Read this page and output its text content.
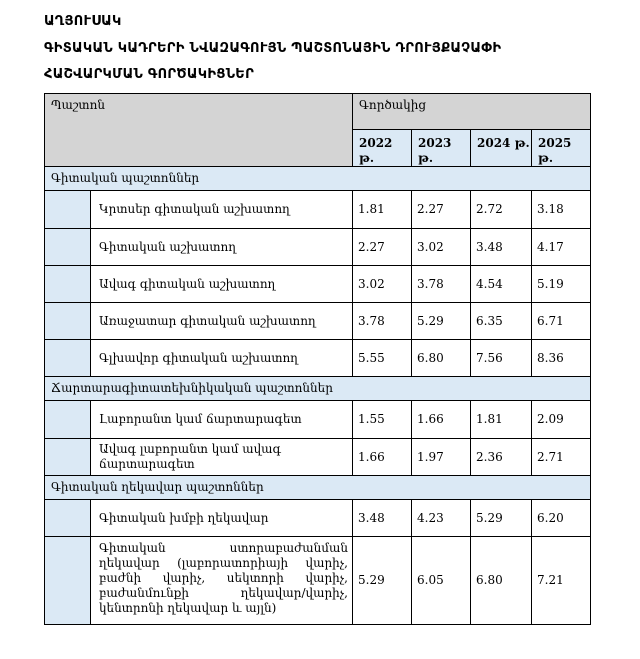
ԱՂՅՈՒՍԱԿ
ԳԻՏԱԿԱՆ ԿԱԴՐԵՐԻ ՆՎԱԶԱԳՈՒՅՆ ՊԱՇՏՈՆԱՅԻՆ ԴՐՈՒՅՔԱՉԱՓԻ
ՀԱՇՎԱՐԿՄԱՆ ԳՈՐԾԱԿԻՑՆԵՐ
Պաշտոն		Գործակից			
		2022 թ.	2023 թ.	2024 թ.	2025 թ.
Գիտական պաշտոններ					
	Կրտսեր գիտական աշխատող	1.81	2.27	2.72	3.18
	Գիտական աշխատող	2.27	3.02	3.48	4.17
	Ավագ գիտական աշխատող	3.02	3.78	4.54	5.19
	Առաջատար գիտական աշխատող	3.78	5.29	6.35	6.71
	Գլխավոր գիտական աշխատող	5.55	6.80	7.56	8.36
Ճարտարագիտատեխնիկական պաշտոններ					
	Լաբորանտ կամ ճարտարագետ	1.55	1.66	1.81	2.09
	Ավագ լաբորանտ կամ ավագ ճարտարագետ	1.66	1.97	2.36	2.71
Գիտական ղեկավար պաշտոններ					
	Գիտական խմբի ղեկավար	3.48	4.23	5.29	6.20
	Գիտական ստորաբաժանման ղեկավար (լաբորատորիայի վարիչ, բաժնի վարիչ, սեկտորի վարիչ, բաժանմունքի ղեկավար/վարիչ, կենտրոնի ղեկավար և այլն)	5.29	6.05	6.80	7.21
